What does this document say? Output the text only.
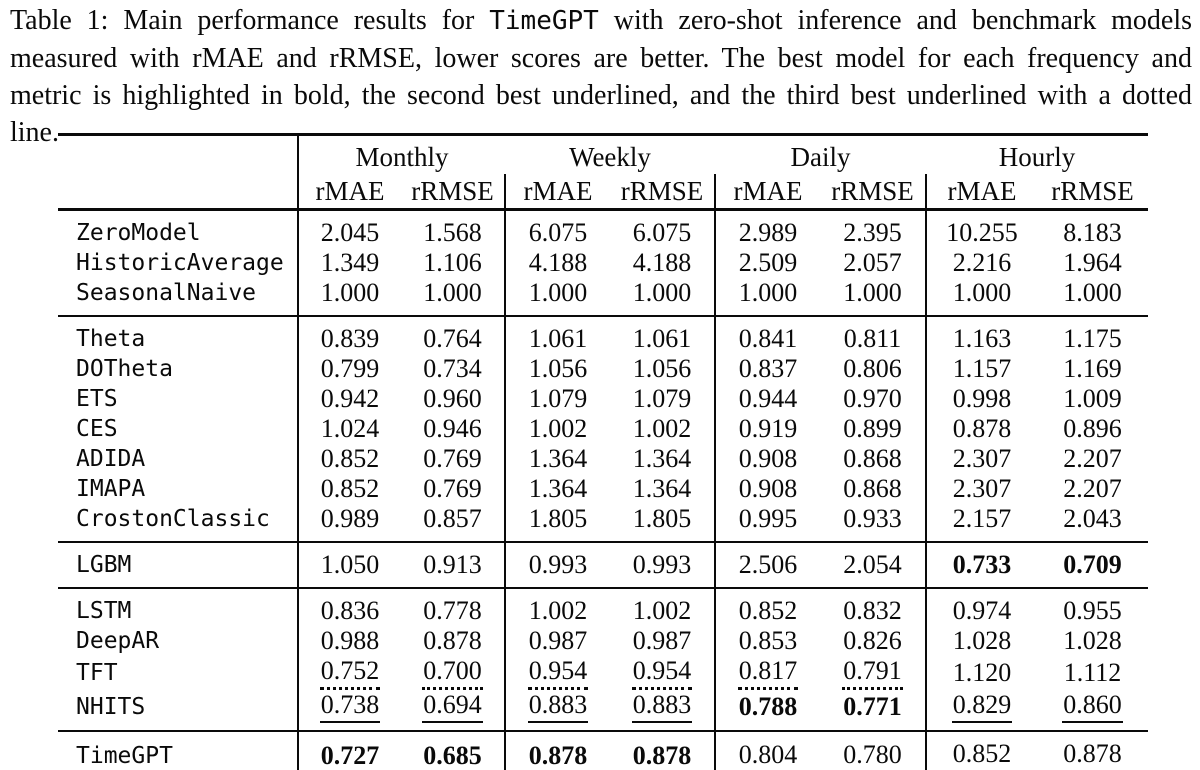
Table 1: Main performance results for TimeGPT with zero-shot inference and benchmark models
measured with rMAE and rRMSE, lower scores are better. The best model for each frequency and
metric is highlighted in bold, the second best underlined, and the third best underlined with a dotted
line.

	Monthly		Weekly		Daily		Hourly	
	rMAE	rRMSE	rMAE	rRMSE	rMAE	rRMSE	rMAE	rRMSE
ZeroModel	2.045	1.568	6.075	6.075	2.989	2.395	10.255	8.183
HistoricAverage	1.349	1.106	4.188	4.188	2.509	2.057	2.216	1.964
SeasonalNaive	1.000	1.000	1.000	1.000	1.000	1.000	1.000	1.000
Theta	0.839	0.764	1.061	1.061	0.841	0.811	1.163	1.175
DOTheta	0.799	0.734	1.056	1.056	0.837	0.806	1.157	1.169
ETS	0.942	0.960	1.079	1.079	0.944	0.970	0.998	1.009
CES	1.024	0.946	1.002	1.002	0.919	0.899	0.878	0.896
ADIDA	0.852	0.769	1.364	1.364	0.908	0.868	2.307	2.207
IMAPA	0.852	0.769	1.364	1.364	0.908	0.868	2.307	2.207
CrostonClassic	0.989	0.857	1.805	1.805	0.995	0.933	2.157	2.043
LGBM	1.050	0.913	0.993	0.993	2.506	2.054	0.733	0.709
LSTM	0.836	0.778	1.002	1.002	0.852	0.832	0.974	0.955
DeepAR	0.988	0.878	0.987	0.987	0.853	0.826	1.028	1.028
TFT	0.752	0.700	0.954	0.954	0.817	0.791	1.120	1.112
NHITS	0.738	0.694	0.883	0.883	0.788	0.771	0.829	0.860
TimeGPT	0.727	0.685	0.878	0.878	0.804	0.780	0.852	0.878
